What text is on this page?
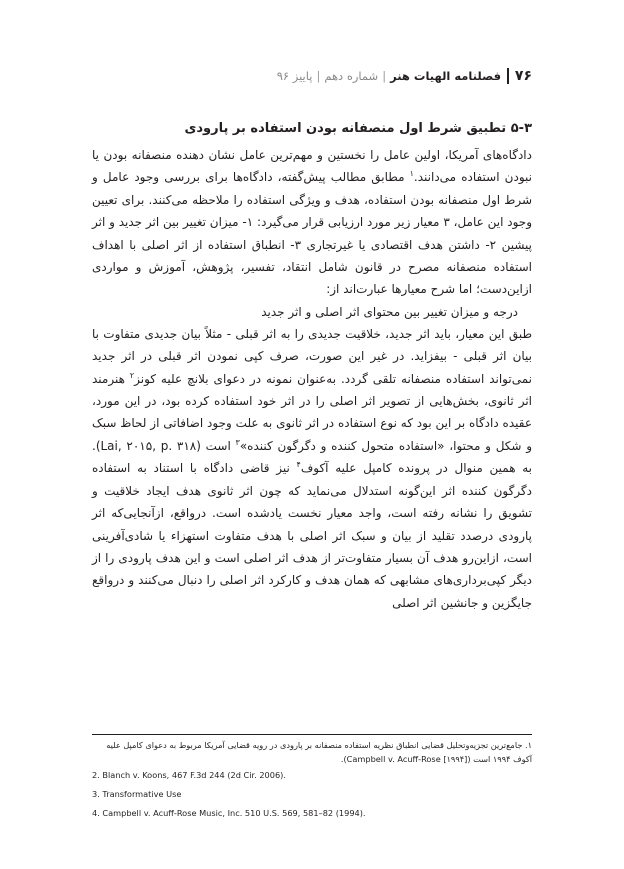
۷۶
فصلنامه الهیات هنر|شماره دهم|پاییز ۹۶

۵-۳ تطبیق شرط اول منصفانه بودن استفاده بر پارودی

دادگاه‌های آمریکا، اولین عامل را نخستین و مهم‌ترین عامل نشان دهنده منصفانه بودن یا نبودن استفاده می‌دانند.$^۱$ مطابق مطالب پیش‌گفته، دادگاه‌ها برای بررسی وجود عامل و شرط اول منصفانه بودن استفاده، هدف و ویژگی استفاده را ملاحظه می‌کنند. برای تعیین وجود این عامل، ۳ معیار زیر مورد ارزیابی قرار می‌گیرد: ۱- میزان تغییر بین اثر جدید و اثر پیشین ۲- داشتن هدف اقتصادی یا غیرتجاری ۳- انطباق استفاده از اثر اصلی با اهداف استفاده منصفانه مصرح در قانون شامل انتقاد، تفسیر، پژوهش، آموزش و مواردی ازاین‌دست؛ اما شرح معیارها عبارت‌اند از:

درجه و میزان تغییر بین محتوای اثر اصلی و اثر جدید

طبق این معیار، باید اثر جدید، خلاقیت جدیدی را به اثر قبلی - مثلاً بیان جدیدی متفاوت با بیان اثر قبلی - بیفزاید. در غیر این صورت، صرف کپی نمودن اثر قبلی در اثر جدید نمی‌تواند استفاده منصفانه تلقی گردد. به‌عنوان نمونه در دعوای بلانچ علیه کونز$^۲$ هنرمند اثر ثانوی، بخش‌هایی از تصویر اثر اصلی را در اثر خود استفاده کرده بود، در این مورد، عقیده دادگاه بر این بود که نوع استفاده در اثر ثانوی به علت وجود اضافاتی از لحاظ سبک و شکل و محتوا، «استفاده متحول کننده و دگرگون کننده»$^۳$ است (Lai, ۲۰۱۵, p. ۳۱۸). به همین منوال در پرونده کامپل علیه آکوف$^۴$ نیز قاضی دادگاه با استناد به استفاده دگرگون کننده اثر این‌گونه استدلال می‌نماید که چون اثر ثانوی هدف ایجاد خلاقیت و تشویق را نشانه رفته است، واجد معیار نخست یادشده است. درواقع، ازآنجایی‌که اثر پارودی درصدد تقلید از بیان و سبک اثر اصلی با هدف متفاوت استهزاء یا شادی‌آفرینی است، ازاین‌رو هدف آن بسیار متفاوت‌تر از هدف اثر اصلی است و این هدف پارودی را از دیگر کپی‌برداری‌های مشابهی که همان هدف و کارکرد اثر اصلی را دنبال می‌کنند و درواقع جایگزین و جانشین اثر اصلی

۱. جامع‌ترین تجزیه‌وتحلیل قضایی انطباق نظریه استفاده منصفانه بر پارودی در رویه قضایی آمریکا مربوط به دعوای کامپل علیه آکوف ۱۹۹۴ است (Campbell v. Acuff-Rose [۱۹۹۴]).

2. Blanch v. Koons, 467 F.3d 244 (2d Cir. 2006).

3. Transformative Use

4. Campbell v. Acuff-Rose Music, Inc. 510 U.S. 569, 581–82 (1994).
